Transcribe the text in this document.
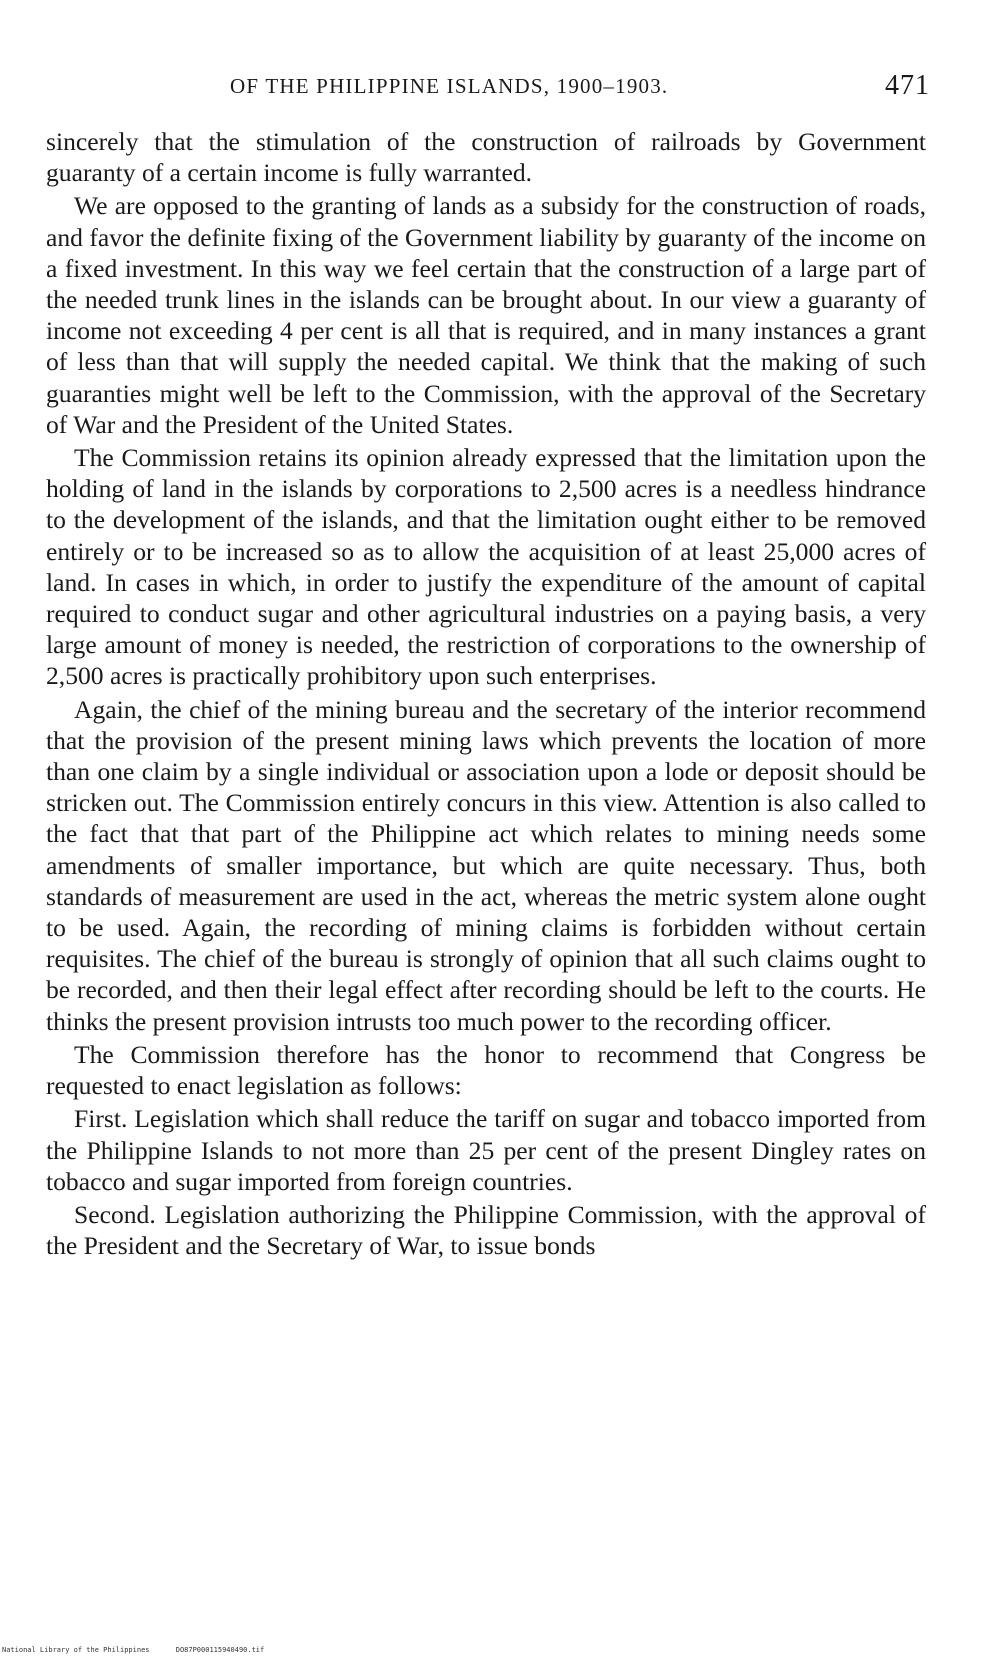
OF THE PHILIPPINE ISLANDS, 1900–1903.	471

sincerely that the stimulation of the construction of railroads by Government guaranty of a certain income is fully warranted.

We are opposed to the granting of lands as a subsidy for the construction of roads, and favor the definite fixing of the Government liability by guaranty of the income on a fixed investment. In this way we feel certain that the construction of a large part of the needed trunk lines in the islands can be brought about. In our view a guaranty of income not exceeding 4 per cent is all that is required, and in many instances a grant of less than that will supply the needed capital. We think that the making of such guaranties might well be left to the Commission, with the approval of the Secretary of War and the President of the United States.

The Commission retains its opinion already expressed that the limitation upon the holding of land in the islands by corporations to 2,500 acres is a needless hindrance to the development of the islands, and that the limitation ought either to be removed entirely or to be increased so as to allow the acquisition of at least 25,000 acres of land. In cases in which, in order to justify the expenditure of the amount of capital required to conduct sugar and other agricultural industries on a paying basis, a very large amount of money is needed, the restriction of corporations to the ownership of 2,500 acres is practically prohibitory upon such enterprises.

Again, the chief of the mining bureau and the secretary of the interior recommend that the provision of the present mining laws which prevents the location of more than one claim by a single individual or association upon a lode or deposit should be stricken out. The Commission entirely concurs in this view. Attention is also called to the fact that that part of the Philippine act which relates to mining needs some amendments of smaller importance, but which are quite necessary. Thus, both standards of measurement are used in the act, whereas the metric system alone ought to be used. Again, the recording of mining claims is forbidden without certain requisites. The chief of the bureau is strongly of opinion that all such claims ought to be recorded, and then their legal effect after recording should be left to the courts. He thinks the present provision intrusts too much power to the recording officer.

The Commission therefore has the honor to recommend that Congress be requested to enact legislation as follows:

First. Legislation which shall reduce the tariff on sugar and tobacco imported from the Philippine Islands to not more than 25 per cent of the present Dingley rates on tobacco and sugar imported from foreign countries.

Second. Legislation authorizing the Philippine Commission, with the approval of the President and the Secretary of War, to issue bonds

National Library of the Philippines	DO87P000115940490.tif
